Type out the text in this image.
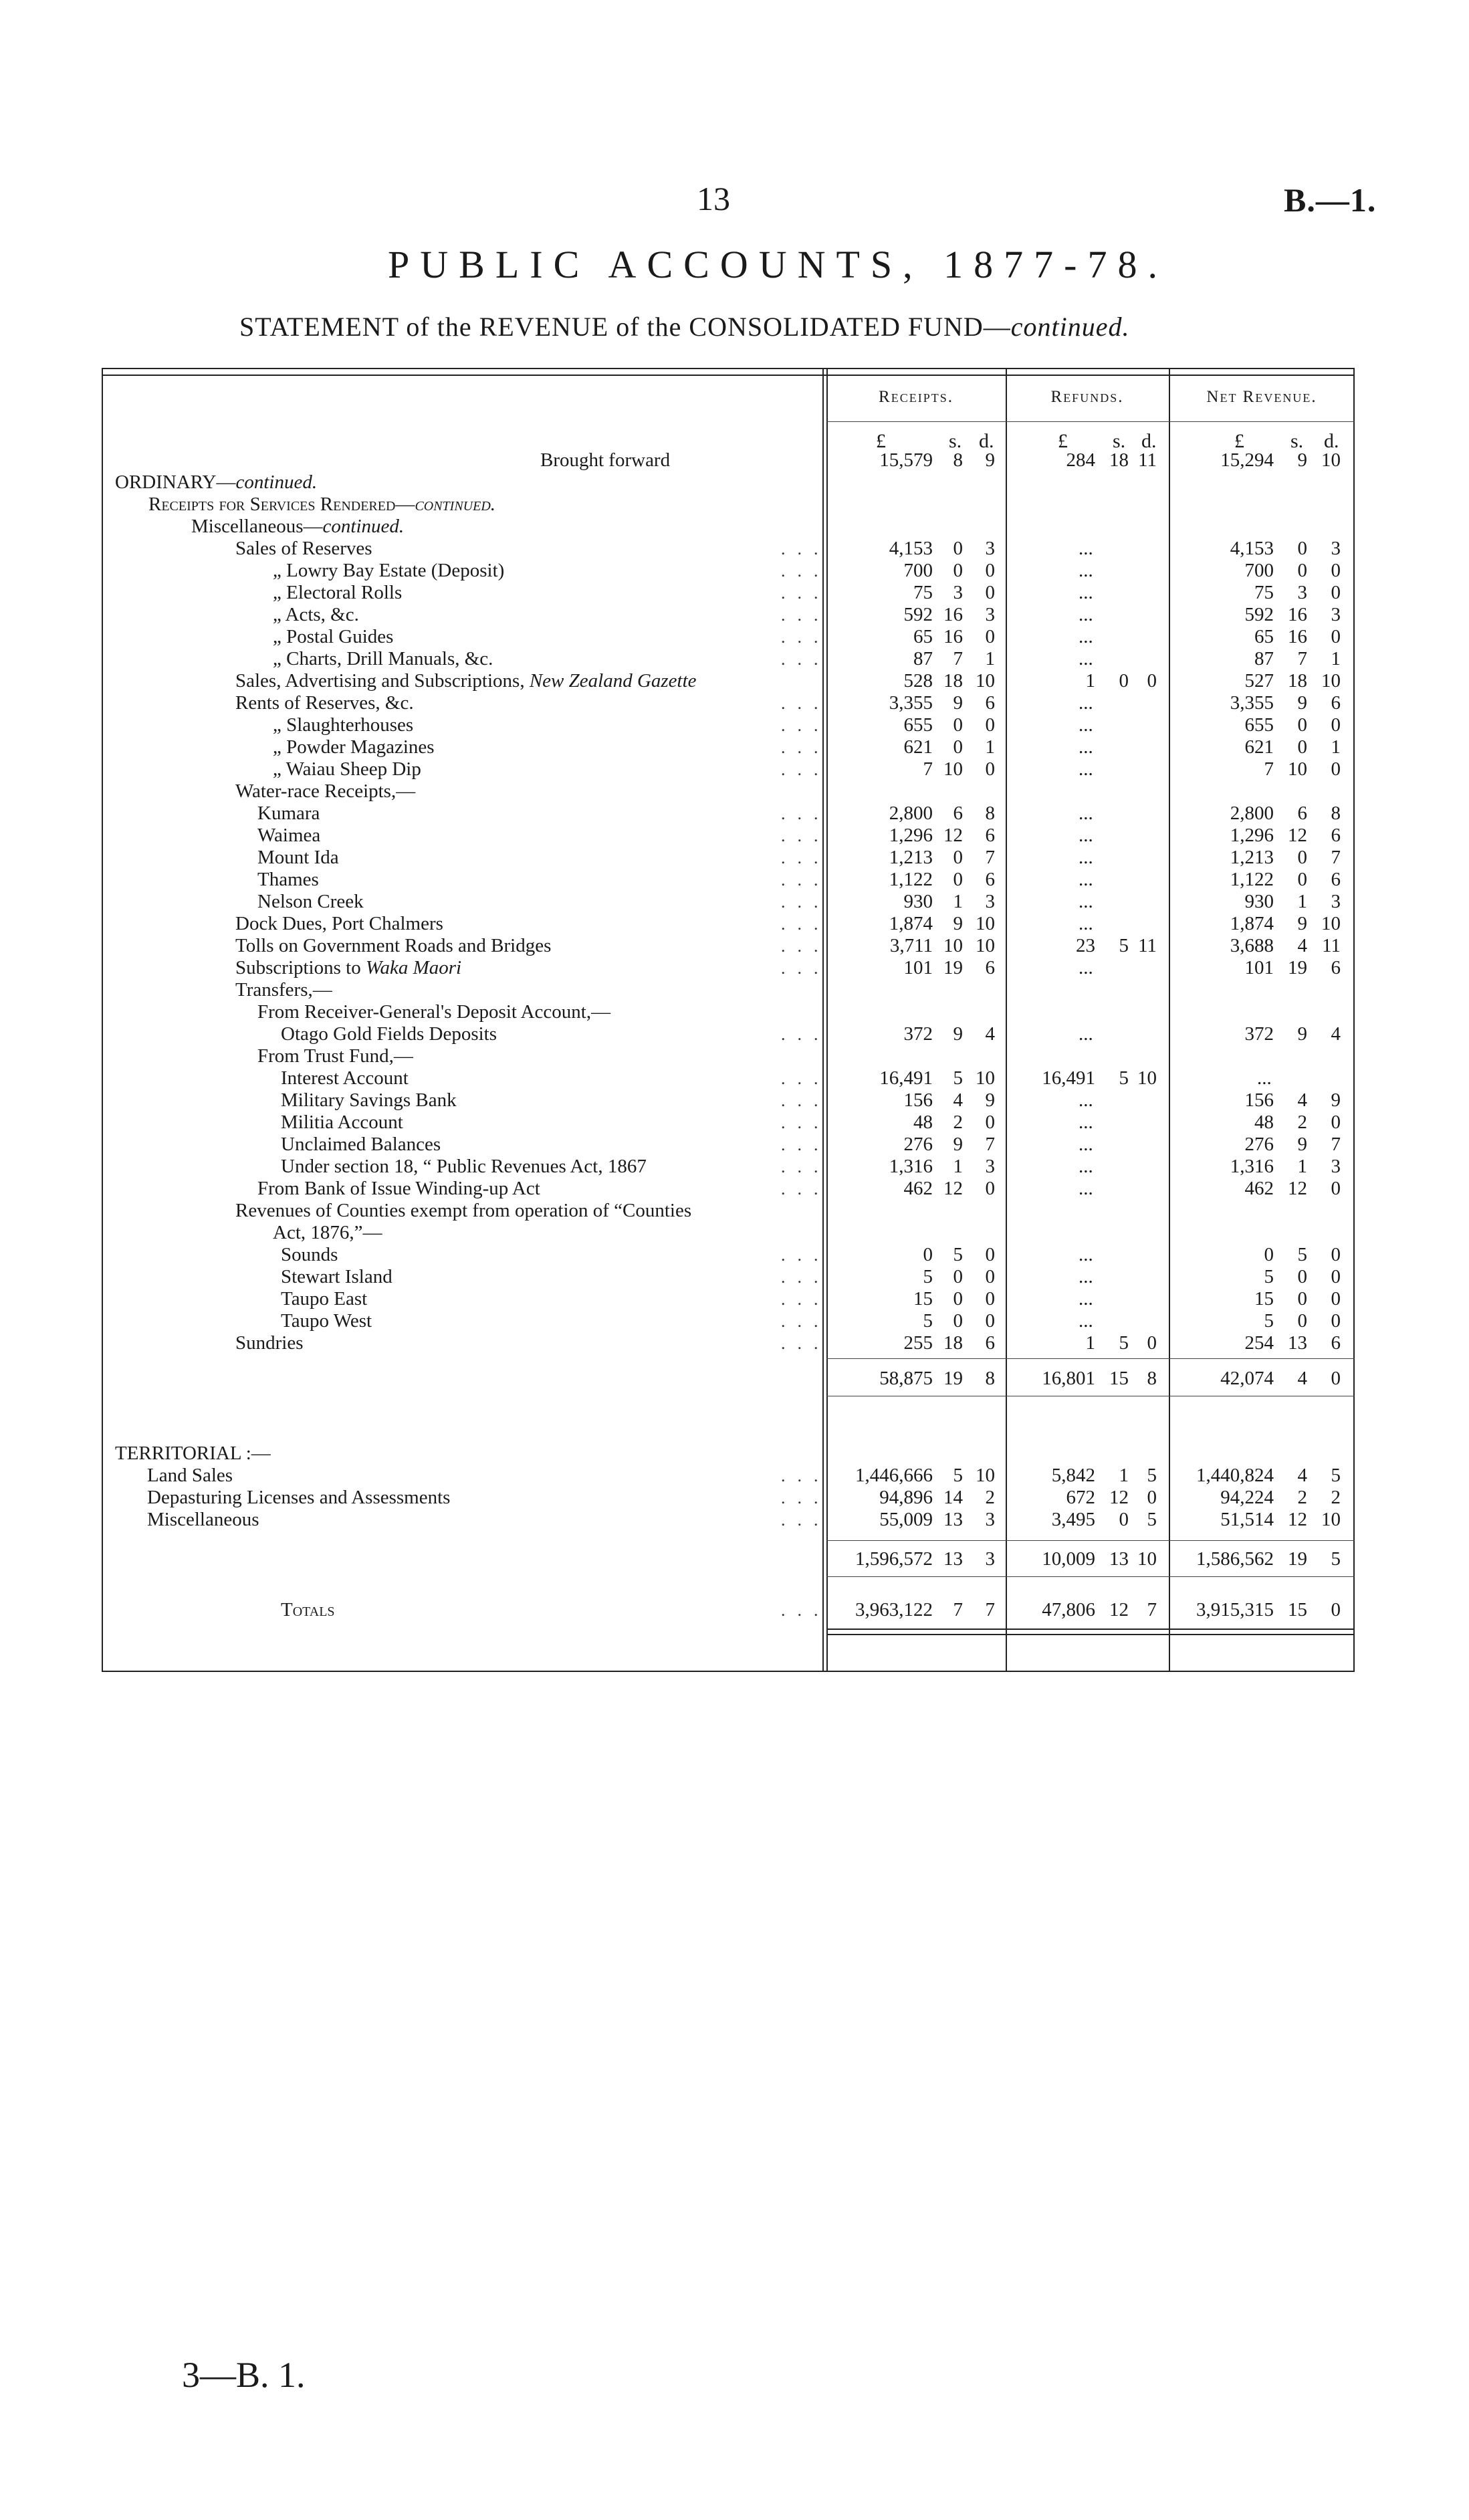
13	B.—1.
PUBLIC ACCOUNTS, 1877-78.
STATEMENT of the REVENUE of the CONSOLIDATED FUND—continued.
Receipts.	Refunds.	Net Revenue.
£	s. d.	£ s. d.	£ s. d.
Brought forward	15,579	8	9	284 18 11	15,294	9 10
ORDINARY—continued.
Receipts for Services Rendered—continued.
Miscellaneous—continued.
Sales of Reserves	...	4,153	0	3	...	4,153	0	3
„ Lowry Bay Estate (Deposit)	...	700	0	0	...	700	0	0
„ Electoral Rolls	...	75	3	0	...	75	3	0
„ Acts, &c.	...	592 16	3	...	592 16	3
„ Postal Guides	...	65 16	0	...	65 16	0
„ Charts, Drill Manuals, &c.	...	87	7	1	...	87	7	1
Sales, Advertising and Subscriptions, New Zealand Gazette	528 18 10	1	0 0	527 18 10
Rents of Reserves, &c.	...	3,355	9	6	...	3,355	9	6
„ Slaughterhouses	...	655	0	0	...	655	0	0
„ Powder Magazines	...	621	0	1	...	621	0	1
„ Waiau Sheep Dip	...	7 10	0	...	7 10	0
Water-race Receipts,—
Kumara	...	2,800	6	8	...	2,800	6	8
Waimea	...	1,296 12	6	...	1,296 12	6
Mount Ida	...	1,213	0	7	...	1,213	0	7
Thames	...	1,122	0	6	...	1,122	0	6
Nelson Creek	...	930	1	3	...	930	1	3
Dock Dues, Port Chalmers	...	1,874	9 10	...	1,874	9 10
Tolls on Government Roads and Bridges	...	3,711 10 10	23	5 11	3,688	4 11
Subscriptions to Waka Maori	...	101 19	6	...	101 19	6
Transfers,—
From Receiver-General's Deposit Account,—
Otago Gold Fields Deposits	...	372	9	4	...	372	9	4
From Trust Fund,—
Interest Account	...	16,491	5 10	16,491	5 10	...
Military Savings Bank	...	156	4	9	...	156	4	9
Militia Account	...	48	2	0	...	48	2	0
Unclaimed Balances	...	276	9	7	...	276	9	7
Under section 18, “ Public Revenues Act, 1867	...	1,316	1	3	...	1,316	1	3
From Bank of Issue Winding-up Act	...	462 12	0	...	462 12	0
Revenues of Counties exempt from operation of “Counties
Act, 1876,”—
Sounds	...	0	5	0	...	0	5	0
Stewart Island	...	5	0	0	...	5	0	0
Taupo East	...	15	0	0	...	15	0	0
Taupo West	...	5	0	0	...	5	0	0
Sundries	...	255 18	6	1	5 0	254 13	6
58,875 19	8	16,801 15 8	42,074	4	0
TERRITORIAL :—
Land Sales	...	1,446,666	5 10	5,842	1 5	1,440,824	4	5
Depasturing Licenses and Assessments	...	94,896 14	2	672 12 0	94,224	2	2
Miscellaneous	...	55,009 13	3	3,495	0 5	51,514 12 10
1,596,572 13	3	10,009 13 10	1,586,562 19	5
Totals	...	3,963,122	7	7	47,806 12 7	3,915,315 15	0
3—B. 1.
